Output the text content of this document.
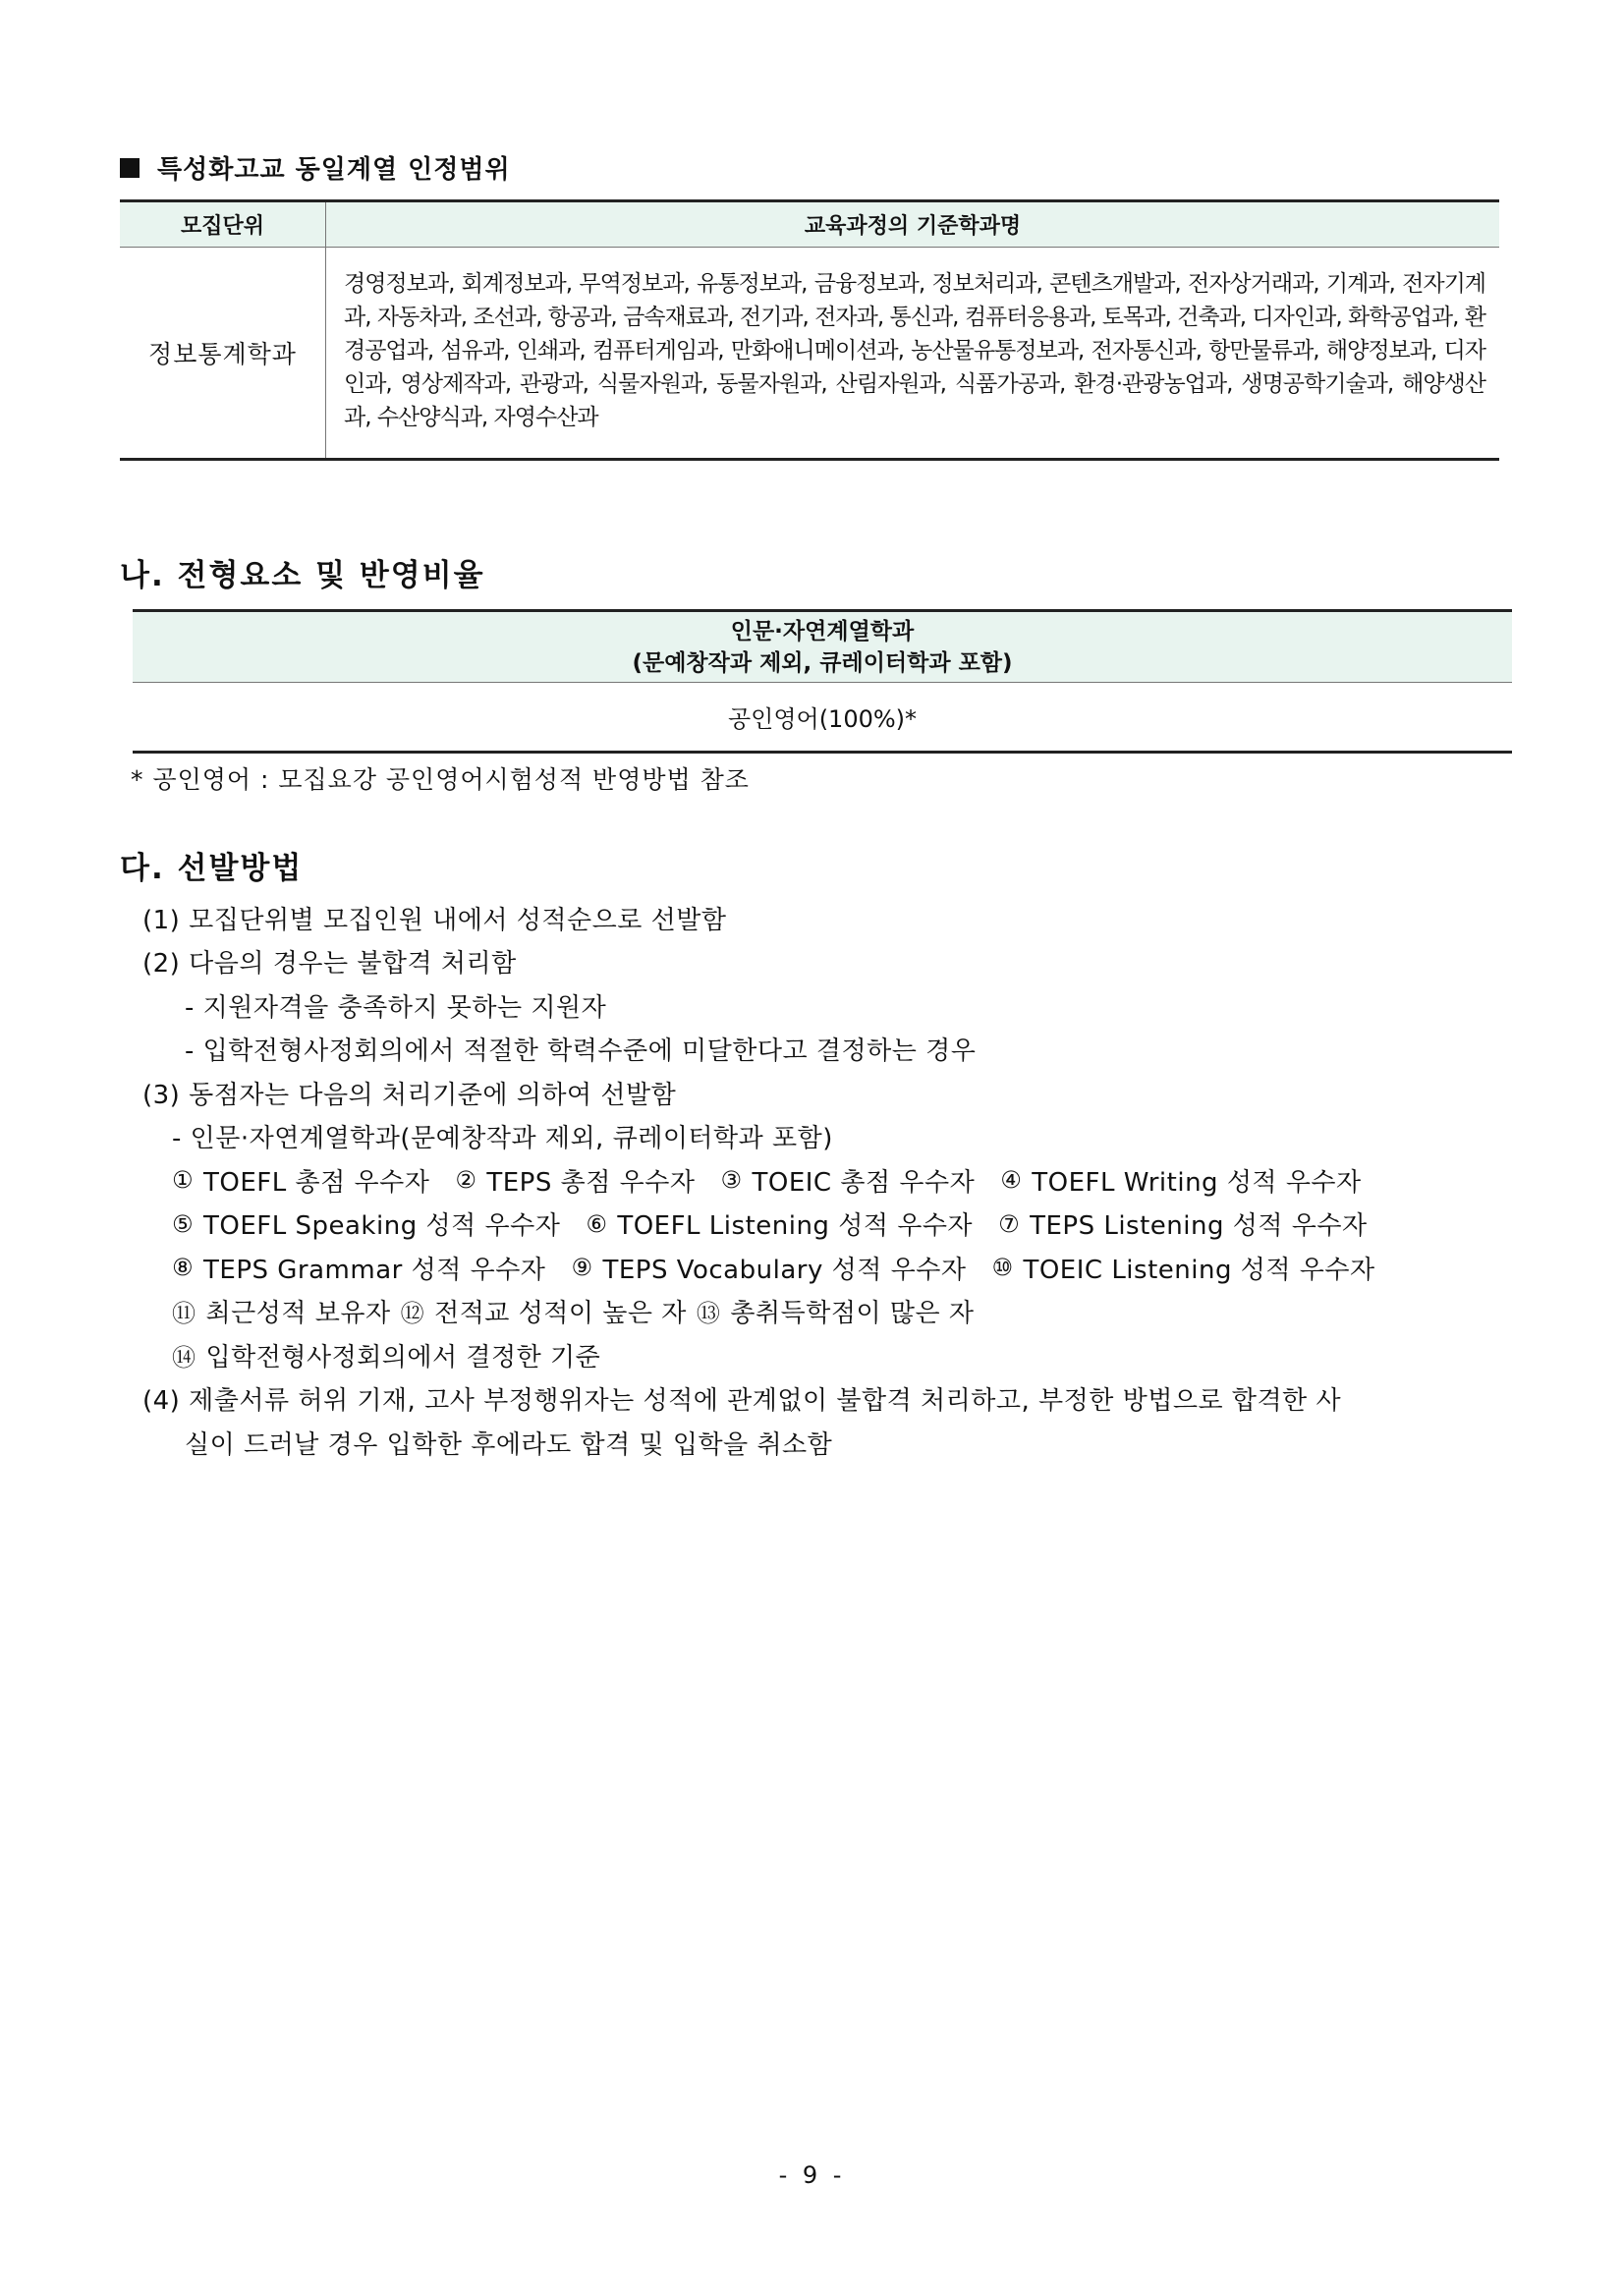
특성화고교 동일계열 인정범위
모집단위	교육과정의 기준학과명
정보통계학과
경영정보과, 회계정보과, 무역정보과, 유통정보과, 금융정보과, 정보처리과, 콘텐츠개발과, 전자상거래과, 기계과, 전자기계과, 자동차과, 조선과, 항공과, 금속재료과, 전기과, 전자과, 통신과, 컴퓨터응용과, 토목과, 건축과, 디자인과, 화학공업과, 환경공업과, 섬유과, 인쇄과, 컴퓨터게임과, 만화애니메이션과, 농산물유통정보과, 전자통신과, 항만물류과, 해양정보과, 디자인과, 영상제작과, 관광과, 식물자원과, 동물자원과, 산림자원과, 식품가공과, 환경·관광농업과, 생명공학기술과, 해양생산과, 수산양식과, 자영수산과
나. 전형요소 및 반영비율
인문·자연계열학과
(문예창작과 제외, 큐레이터학과 포함)
공인영어(100%)*
* 공인영어 : 모집요강 공인영어시험성적 반영방법 참조
다. 선발방법
(1) 모집단위별 모집인원 내에서 성적순으로 선발함
(2) 다음의 경우는 불합격 처리함
- 지원자격을 충족하지 못하는 지원자
- 입학전형사정회의에서 적절한 학력수준에 미달한다고 결정하는 경우
(3) 동점자는 다음의 처리기준에 의하여 선발함
- 인문·자연계열학과(문예창작과 제외, 큐레이터학과 포함)
① TOEFL 총점 우수자 ② TEPS 총점 우수자 ③ TOEIC 총점 우수자 ④ TOEFL Writing 성적 우수자
⑤ TOEFL Speaking 성적 우수자 ⑥ TOEFL Listening 성적 우수자 ⑦ TEPS Listening 성적 우수자
⑧ TEPS Grammar 성적 우수자 ⑨ TEPS Vocabulary 성적 우수자 ⑩ TOEIC Listening 성적 우수자
⑪ 최근성적 보유자 ⑫ 전적교 성적이 높은 자 ⑬ 총취득학점이 많은 자
⑭ 입학전형사정회의에서 결정한 기준
(4) 제출서류 허위 기재, 고사 부정행위자는 성적에 관계없이 불합격 처리하고, 부정한 방법으로 합격한 사
실이 드러날 경우 입학한 후에라도 합격 및 입학을 취소함
- 9 -
